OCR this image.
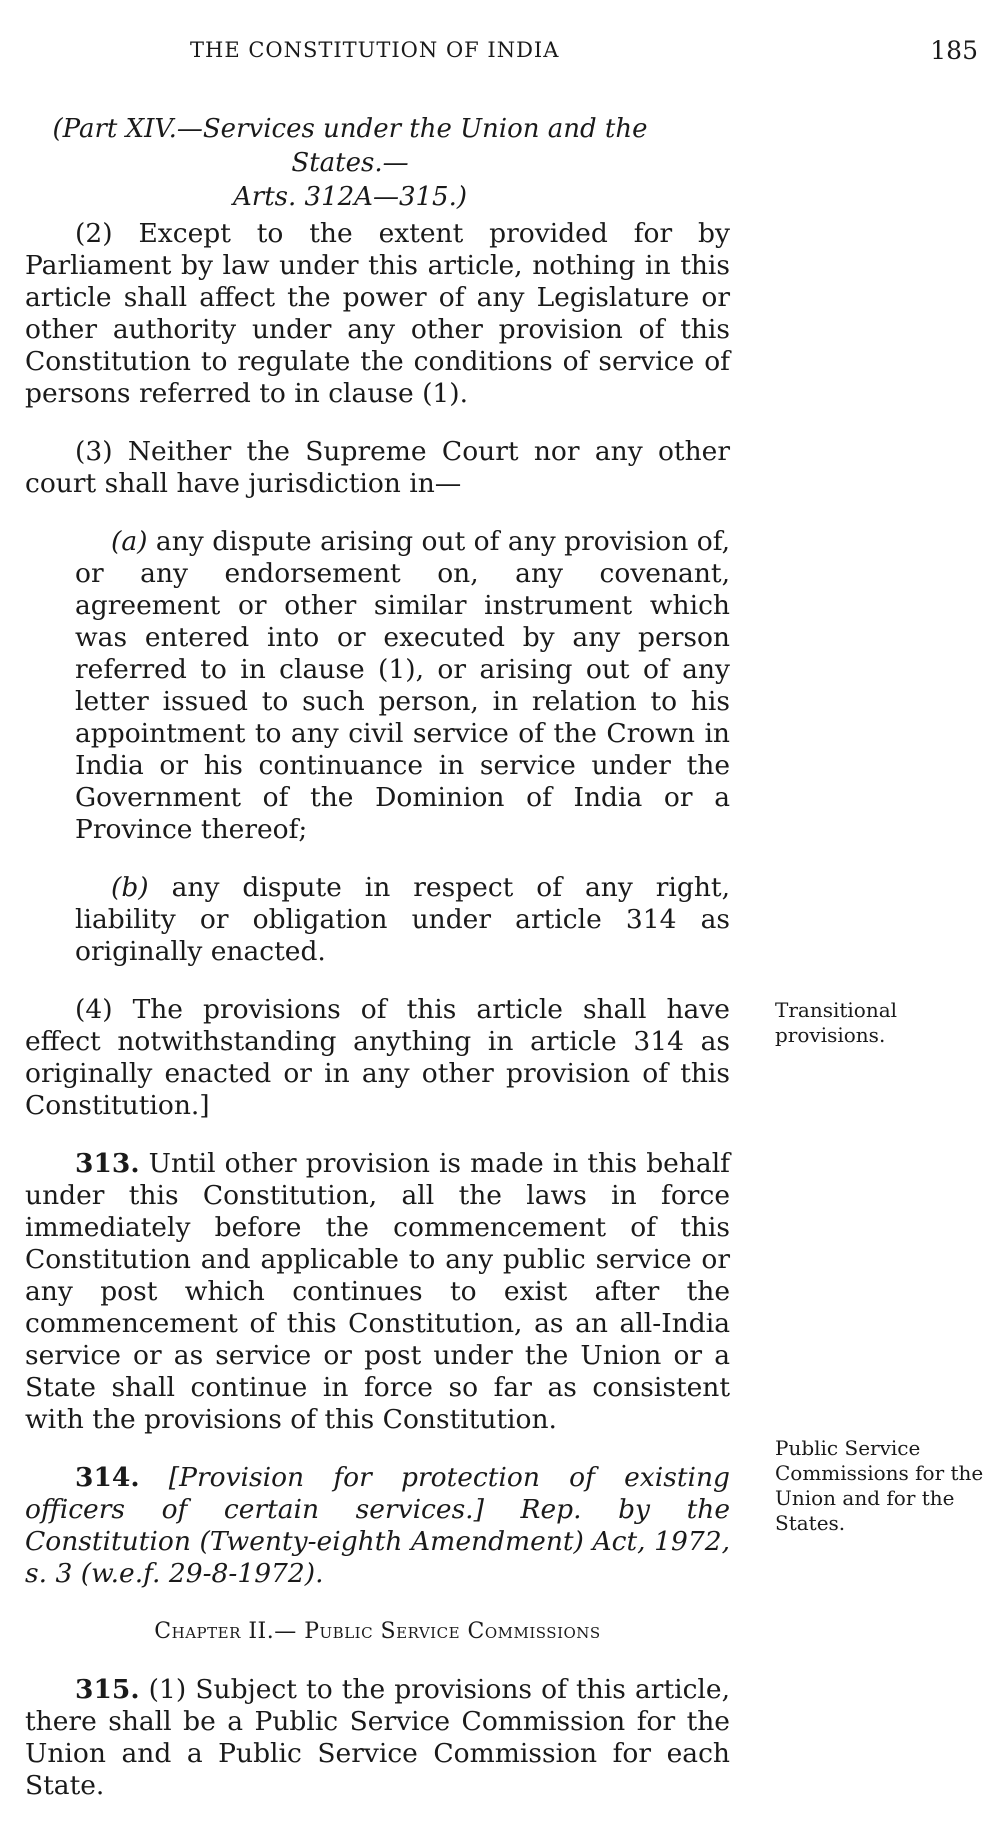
THE CONSTITUTION OF INDIA	185
(Part XIV.—Services under the Union and the States.—
Arts. 312A—315.)

(2) Except to the extent provided for by Parliament by law under this article, nothing in this article shall affect the power of any Legislature or other authority under any other provision of this Constitution to regulate the conditions of service of persons referred to in clause (1).

(3) Neither the Supreme Court nor any other court shall have jurisdiction in—

(a) any dispute arising out of any provision of, or any endorsement on, any covenant, agreement or other similar instrument which was entered into or executed by any person referred to in clause (1), or arising out of any letter issued to such person, in relation to his appointment to any civil service of the Crown in India or his continuance in service under the Government of the Dominion of India or a Province thereof;

(b) any dispute in respect of any right, liability or obligation under article 314 as originally enacted.

(4) The provisions of this article shall have effect notwithstanding anything in article 314 as originally enacted or in any other provision of this Constitution.]

313. Until other provision is made in this behalf under this Constitution, all the laws in force immediately before the commencement of this Constitution and applicable to any public service or any post which continues to exist after the commencement of this Constitution, as an all-India service or as service or post under the Union or a State shall continue in force so far as consistent with the provisions of this Constitution.

314. [Provision for protection of existing officers of certain services.] Rep. by the Constitution (Twenty-eighth Amendment) Act, 1972, s. 3 (w.e.f. 29-8-1972).

Chapter II.— Public Service Commissions

315. (1) Subject to the provisions of this article, there shall be a Public Service Commission for the Union and a Public Service Commission for each State.

Transitional provisions.
Public Service Commissions for the Union and for the States.
